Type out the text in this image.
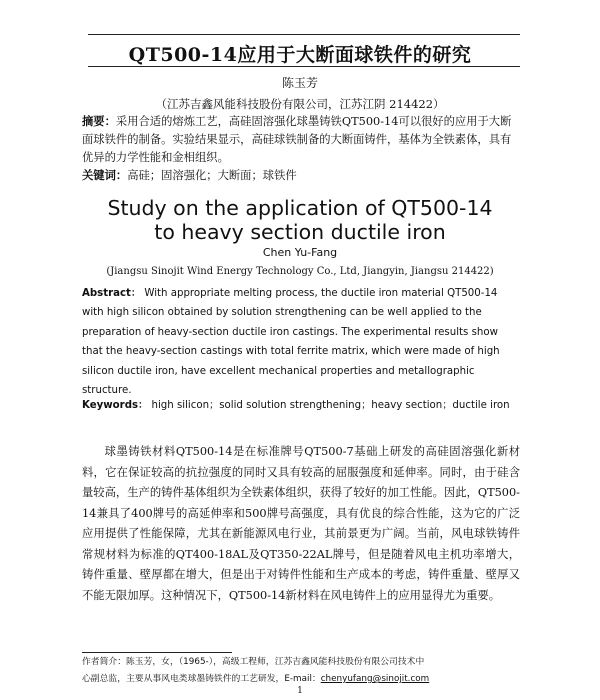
QT500-14应用于大断面球铁件的研究
陈玉芳
（江苏吉鑫风能科技股份有限公司，江苏江阴 214422）
摘要：采用合适的熔炼工艺，高硅固溶强化球墨铸铁QT500-14可以很好的应用于大断面球铁件的制备。实验结果显示，高硅球铁制备的大断面铸件，基体为全铁素体，具有优异的力学性能和金相组织。
关键词：高硅；固溶强化；大断面；球铁件
Study on the application of QT500-14
to heavy section ductile iron
Chen Yu-Fang
(Jiangsu Sinojit Wind Energy Technology Co., Ltd, Jiangyin, Jiangsu 214422)
Abstract： With appropriate melting process, the ductile iron material QT500-14 with high silicon obtained by solution strengthening can be well applied to the preparation of heavy-section ductile iron castings. The experimental results show that the heavy-section castings with total ferrite matrix, which were made of high silicon ductile iron, have excellent mechanical properties and metallographic structure.
Keywords： high silicon；solid solution strengthening；heavy section；ductile iron
球墨铸铁材料QT500-14是在标准牌号QT500-7基础上研发的高硅固溶强化新材料，它在保证较高的抗拉强度的同时又具有较高的屈服强度和延伸率。同时，由于硅含量较高，生产的铸件基体组织为全铁素体组织，获得了较好的加工性能。因此，QT500-14兼具了400牌号的高延伸率和500牌号高强度，具有优良的综合性能，这为它的广泛应用提供了性能保障，尤其在新能源风电行业，其前景更为广阔。当前，风电球铁铸件常规材料为标准的QT400-18AL及QT350-22AL牌号，但是随着风电主机功率增大，铸件重量、壁厚都在增大，但是出于对铸件性能和生产成本的考虑，铸件重量、壁厚又不能无限加厚。这种情况下，QT500-14新材料在风电铸件上的应用显得尤为重要。
作者简介：陈玉芳，女，（1965-），高级工程师，江苏吉鑫风能科技股份有限公司技术中
心副总监，主要从事风电类球墨铸铁件的工艺研发，E-mail：chenyufang@sinojit.com
1
